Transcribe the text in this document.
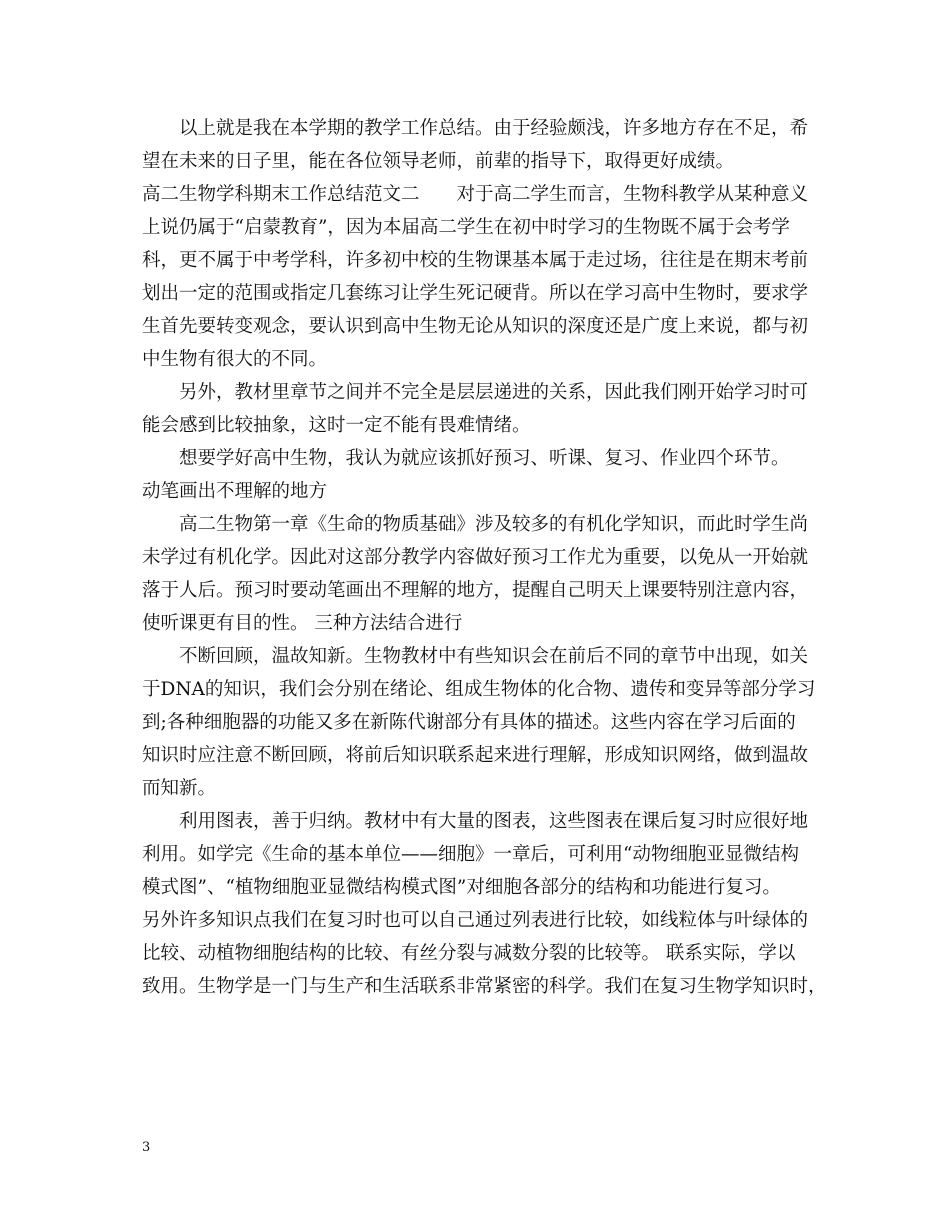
以上就是我在本学期的教学工作总结。由于经验颇浅，许多地方存在不足，希

望在未来的日子里，能在各位领导老师，前辈的指导下，取得更好成绩。

高二生物学科期末工作总结范文二　　对于高二学生而言，生物科教学从某种意义

上说仍属于“启蒙教育”，因为本届高二学生在初中时学习的生物既不属于会考学

科，更不属于中考学科，许多初中校的生物课基本属于走过场，往往是在期末考前

划出一定的范围或指定几套练习让学生死记硬背。所以在学习高中生物时，要求学

生首先要转变观念，要认识到高中生物无论从知识的深度还是广度上来说，都与初

中生物有很大的不同。

另外，教材里章节之间并不完全是层层递进的关系，因此我们刚开始学习时可

能会感到比较抽象，这时一定不能有畏难情绪。

想要学好高中生物，我认为就应该抓好预习、听课、复习、作业四个环节。

动笔画出不理解的地方

高二生物第一章《生命的物质基础》涉及较多的有机化学知识，而此时学生尚

未学过有机化学。因此对这部分教学内容做好预习工作尤为重要，以免从一开始就

落于人后。预习时要动笔画出不理解的地方，提醒自己明天上课要特别注意内容，

使听课更有目的性。 三种方法结合进行

不断回顾，温故知新。生物教材中有些知识会在前后不同的章节中出现，如关

于DNA的知识，我们会分别在绪论、组成生物体的化合物、遗传和变异等部分学习

到;各种细胞器的功能又多在新陈代谢部分有具体的描述。这些内容在学习后面的

知识时应注意不断回顾，将前后知识联系起来进行理解，形成知识网络，做到温故

而知新。

利用图表，善于归纳。教材中有大量的图表，这些图表在课后复习时应很好地

利用。如学完《生命的基本单位——细胞》一章后，可利用“动物细胞亚显微结构

模式图”、“植物细胞亚显微结构模式图”对细胞各部分的结构和功能进行复习。

另外许多知识点我们在复习时也可以自己通过列表进行比较，如线粒体与叶绿体的

比较、动植物细胞结构的比较、有丝分裂与减数分裂的比较等。 联系实际，学以

致用。生物学是一门与生产和生活联系非常紧密的科学。我们在复习生物学知识时，

3
